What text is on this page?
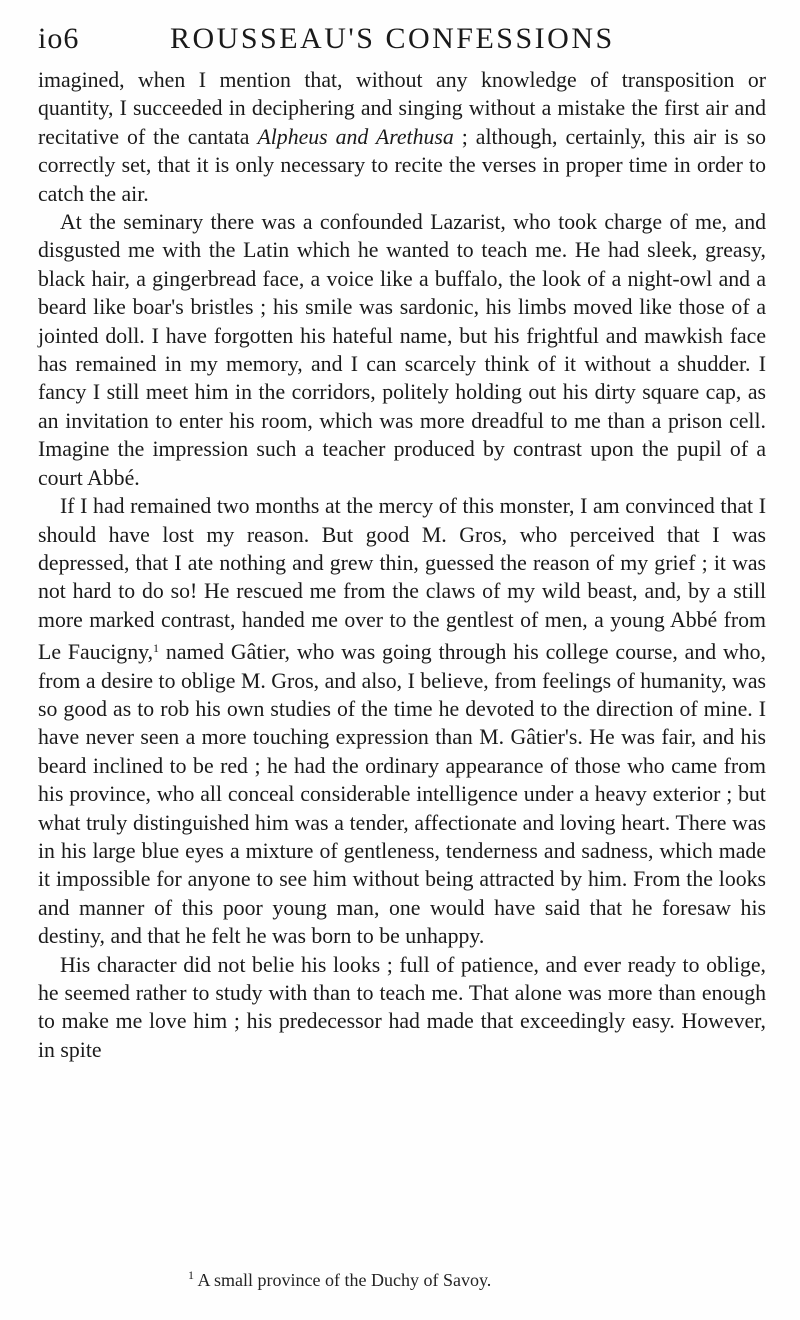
io6	ROUSSEAU'S CONFESSIONS

imagined, when I mention that, without any knowledge of transposition or quantity, I succeeded in deciphering and singing without a mistake the first air and recitative of the cantata Alpheus and Arethusa ; although, certainly, this air is so correctly set, that it is only necessary to recite the verses in proper time in order to catch the air.

At the seminary there was a confounded Lazarist, who took charge of me, and disgusted me with the Latin which he wanted to teach me. He had sleek, greasy, black hair, a gingerbread face, a voice like a buffalo, the look of a night-owl and a beard like boar's bristles ; his smile was sardonic, his limbs moved like those of a jointed doll. I have forgotten his hateful name, but his frightful and mawkish face has remained in my memory, and I can scarcely think of it without a shudder. I fancy I still meet him in the corridors, politely holding out his dirty square cap, as an invitation to enter his room, which was more dreadful to me than a prison cell. Imagine the impression such a teacher produced by contrast upon the pupil of a court Abbé.

If I had remained two months at the mercy of this monster, I am convinced that I should have lost my reason. But good M. Gros, who perceived that I was depressed, that I ate nothing and grew thin, guessed the reason of my grief ; it was not hard to do so! He rescued me from the claws of my wild beast, and, by a still more marked contrast, handed me over to the gentlest of men, a young Abbé from Le Faucigny,$^1$ named Gâtier, who was going through his college course, and who, from a desire to oblige M. Gros, and also, I believe, from feelings of humanity, was so good as to rob his own studies of the time he devoted to the direction of mine. I have never seen a more touching expression than M. Gâtier's. He was fair, and his beard inclined to be red ; he had the ordinary appearance of those who came from his province, who all conceal considerable intelligence under a heavy exterior ; but what truly distinguished him was a tender, affectionate and loving heart. There was in his large blue eyes a mixture of gentleness, tenderness and sadness, which made it impossible for anyone to see him without being attracted by him. From the looks and manner of this poor young man, one would have said that he foresaw his destiny, and that he felt he was born to be unhappy.

His character did not belie his looks ; full of patience, and ever ready to oblige, he seemed rather to study with than to teach me. That alone was more than enough to make me love him ; his predecessor had made that exceedingly easy. However, in spite

$^1$ A small province of the Duchy of Savoy.
